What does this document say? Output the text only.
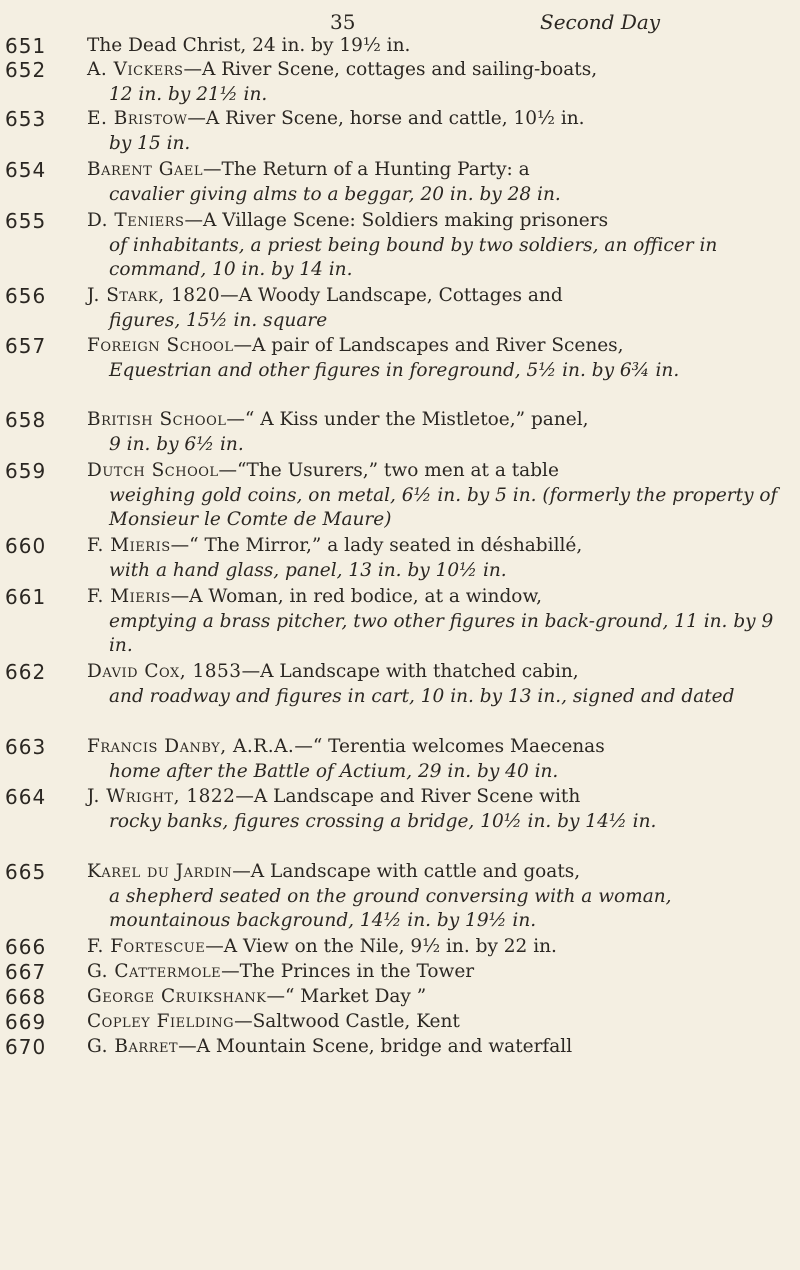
35	Second Day
651	The Dead Christ, 24 in. by 19½ in.
652	A. Vickers—A River Scene, cottages and sailing-boats,
12 in. by 21½ in.
653	E. Bristow—A River Scene, horse and cattle, 10½ in.
by 15 in.
654	Barent Gael—The Return of a Hunting Party: a
cavalier giving alms to a beggar, 20 in. by 28 in.
655	D. Teniers—A Village Scene: Soldiers making prisoners
of inhabitants, a priest being bound by two soldiers, an officer in command, 10 in. by 14 in.
656	J. Stark, 1820—A Woody Landscape, Cottages and
figures, 15½ in. square
657	Foreign School—A pair of Landscapes and River Scenes,
Equestrian and other figures in foreground, 5½ in. by 6¾ in.
658	British School—“ A Kiss under the Mistletoe,” panel,
9 in. by 6½ in.
659	Dutch School—“The Usurers,” two men at a table
weighing gold coins, on metal, 6½ in. by 5 in. (formerly the property of Monsieur le Comte de Maure)
660	F. Mieris—“ The Mirror,” a lady seated in déshabillé,
with a hand glass, panel, 13 in. by 10½ in.
661	F. Mieris—A Woman, in red bodice, at a window,
emptying a brass pitcher, two other figures in back-ground, 11 in. by 9 in.
662	David Cox, 1853—A Landscape with thatched cabin,
and roadway and figures in cart, 10 in. by 13 in., signed and dated
663	Francis Danby, A.R.A.—“ Terentia welcomes Maecenas
home after the Battle of Actium, 29 in. by 40 in.
664	J. Wright, 1822—A Landscape and River Scene with
rocky banks, figures crossing a bridge, 10½ in. by 14½ in.
665	Karel du Jardin—A Landscape with cattle and goats,
a shepherd seated on the ground conversing with a woman, mountainous background, 14½ in. by 19½ in.
666	F. Fortescue—A View on the Nile, 9½ in. by 22 in.
667	G. Cattermole—The Princes in the Tower
668	George Cruikshank—“ Market Day ”
669	Copley Fielding—Saltwood Castle, Kent
670	G. Barret—A Mountain Scene, bridge and waterfall
